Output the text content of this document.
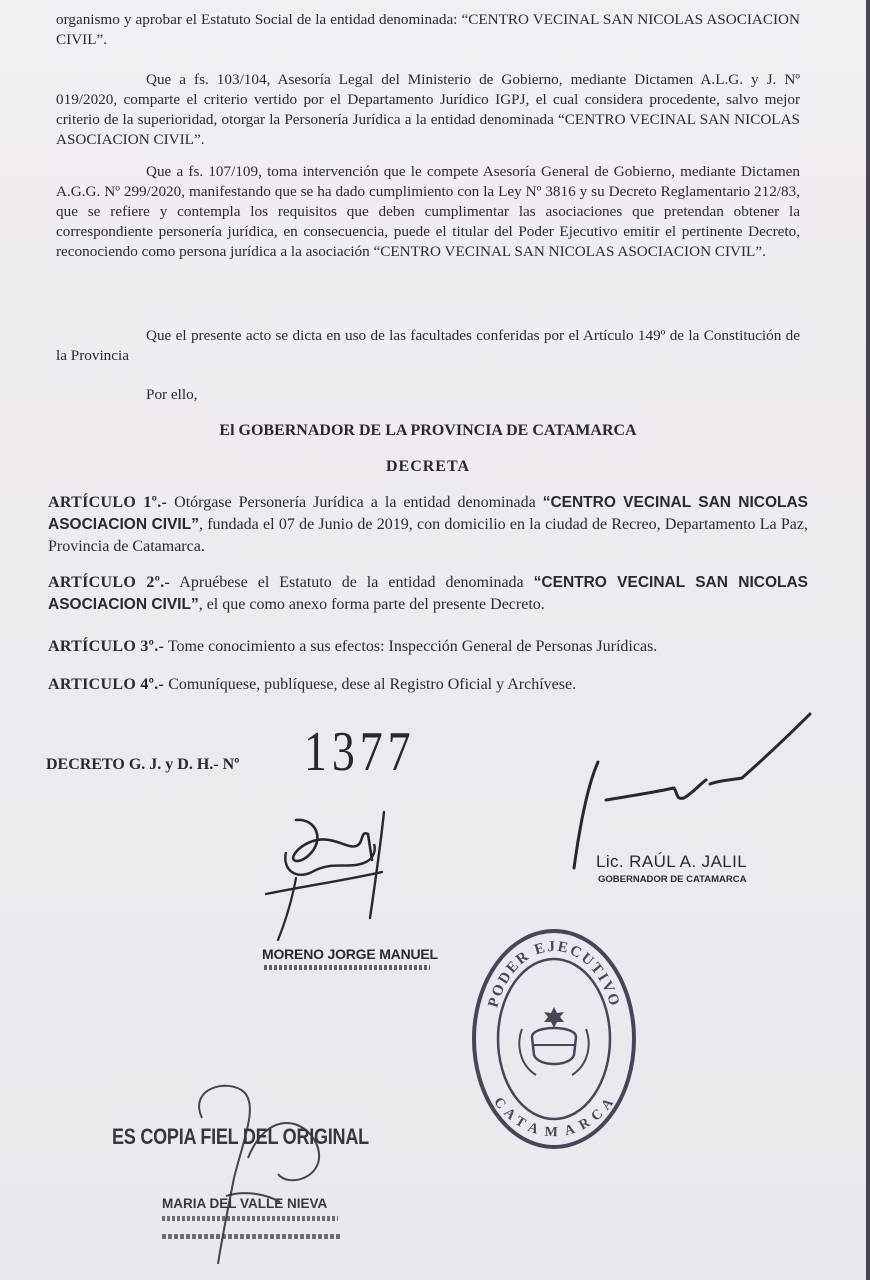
organismo y aprobar el Estatuto Social de la entidad denominada: “CENTRO VECINAL SAN NICOLAS ASOCIACION CIVIL”.

Que a fs. 103/104, Asesoría Legal del Ministerio de Gobierno, mediante Dictamen A.L.G. y J. Nº 019/2020, comparte el criterio vertido por el Departamento Jurídico IGPJ, el cual considera procedente, salvo mejor criterio de la superioridad, otorgar la Personería Jurídica a la entidad denominada “CENTRO VECINAL SAN NICOLAS ASOCIACION CIVIL”.

Que a fs. 107/109, toma intervención que le compete Asesoría General de Gobierno, mediante Dictamen A.G.G. Nº 299/2020, manifestando que se ha dado cumplimiento con la Ley Nº 3816 y su Decreto Reglamentario 212/83, que se refiere y contempla los requisitos que deben cumplimentar las asociaciones que pretendan obtener la correspondiente personería jurídica, en consecuencia, puede el titular del Poder Ejecutivo emitir el pertinente Decreto, reconociendo como persona jurídica a la asociación “CENTRO VECINAL SAN NICOLAS ASOCIACION CIVIL”.

Que el presente acto se dicta en uso de las facultades conferidas por el Artículo 149º de la Constitución de la Provincia

Por ello,

El GOBERNADOR DE LA PROVINCIA DE CATAMARCA

DECRETA

ARTÍCULO 1º.- Otórgase Personería Jurídica a la entidad denominada “CENTRO VECINAL SAN NICOLAS ASOCIACION CIVIL”, fundada el 07 de Junio de 2019, con domicilio en la ciudad de Recreo, Departamento La Paz, Provincia de Catamarca.

ARTÍCULO 2º.- Apruébese el Estatuto de la entidad denominada “CENTRO VECINAL SAN NICOLAS ASOCIACION CIVIL”, el que como anexo forma parte del presente Decreto.

ARTÍCULO 3º.- Tome conocimiento a sus efectos: Inspección General de Personas Jurídicas.

ARTICULO 4º.- Comuníquese, publíquese, dese al Registro Oficial y Archívese.

DECRETO G. J. y D. H.- Nº 1377
Lic. RAÚL A. JALIL
GOBERNADOR DE CATAMARCA
MORENO JORGE MANUEL
PODER EJECUTIVO
CATAMARCA
ES COPIA FIEL DEL ORIGINAL
MARIA DEL VALLE NIEVA
